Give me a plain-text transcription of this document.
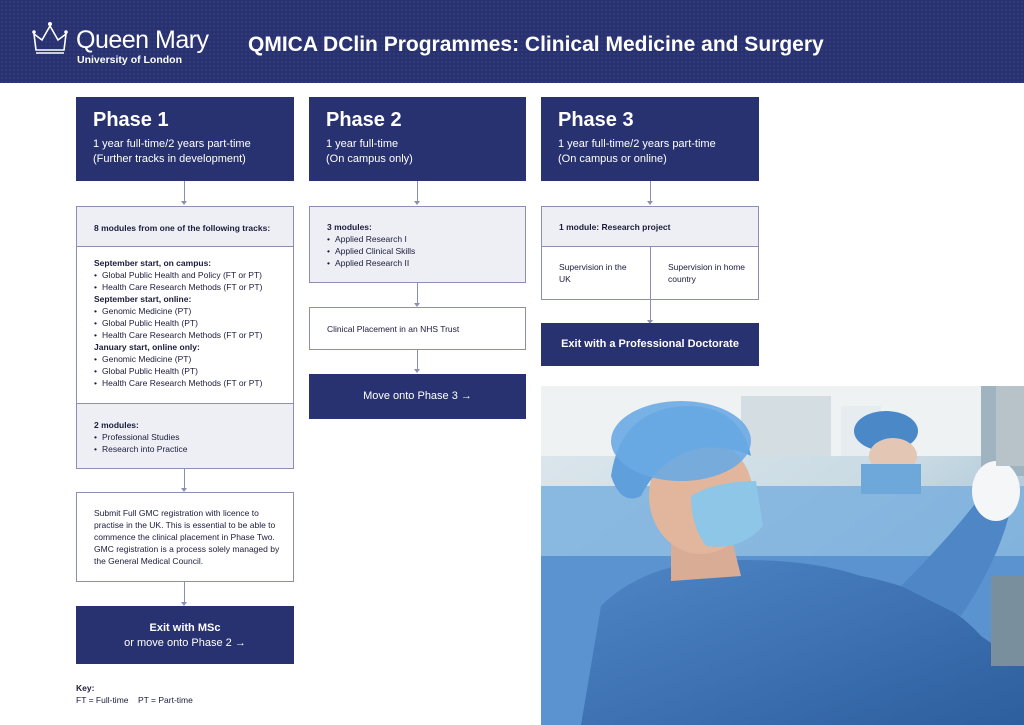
Queen Mary
University of London
QMICA DClin Programmes: Clinical Medicine and Surgery
Phase 1
1 year full-time/2 years part-time
(Further tracks in development)
8 modules from one of the following tracks:
September start, on campus:
• Global Public Health and Policy (FT or PT)
• Health Care Research Methods (FT or PT)
September start, online:
• Genomic Medicine (PT)
• Global Public Health (PT)
• Health Care Research Methods (FT or PT)
January start, online only:
• Genomic Medicine (PT)
• Global Public Health (PT)
• Health Care Research Methods (FT or PT)
2 modules:
• Professional Studies
• Research into Practice
Submit Full GMC registration with licence to practise in the UK. This is essential to be able to commence the clinical placement in Phase Two. GMC registration is a process solely managed by the General Medical Council.
Exit with MSc
or move onto Phase 2 →
Key:
FT = Full-time PT = Part-time
Phase 2
1 year full-time
(On campus only)
3 modules:
• Applied Research I
• Applied Clinical Skills
• Applied Research II
Clinical Placement in an NHS Trust
Move onto Phase 3 →
Phase 3
1 year full-time/2 years part-time
(On campus or online)
1 module: Research project
Supervision in the UK
Supervision in home country
Exit with a Professional Doctorate
